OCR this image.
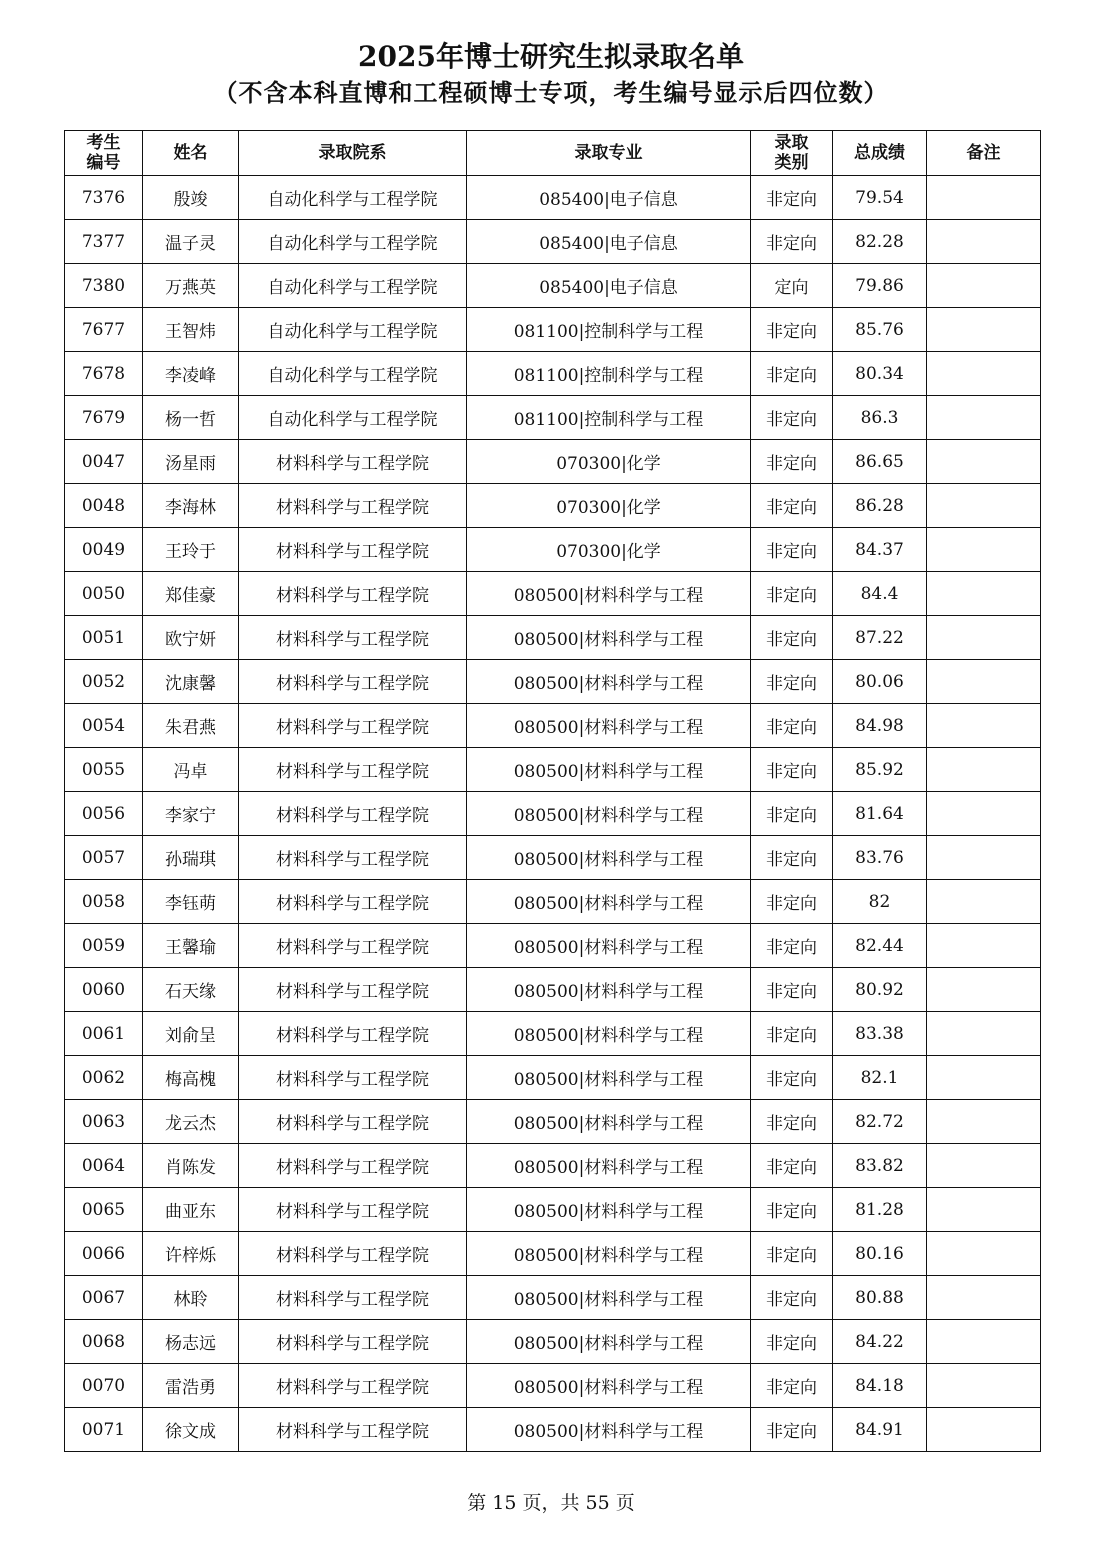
2025年博士研究生拟录取名单
（不含本科直博和工程硕博士专项，考生编号显示后四位数）
考生
编号	姓名	录取院系	录取专业	录取
类别	总成绩	备注
7376	殷竣	自动化科学与工程学院	085400|电子信息	非定向	79.54	
7377	温子灵	自动化科学与工程学院	085400|电子信息	非定向	82.28	
7380	万燕英	自动化科学与工程学院	085400|电子信息	定向	79.86	
7677	王智炜	自动化科学与工程学院	081100|控制科学与工程	非定向	85.76	
7678	李凌峰	自动化科学与工程学院	081100|控制科学与工程	非定向	80.34	
7679	杨一哲	自动化科学与工程学院	081100|控制科学与工程	非定向	86.3	
0047	汤星雨	材料科学与工程学院	070300|化学	非定向	86.65	
0048	李海林	材料科学与工程学院	070300|化学	非定向	86.28	
0049	王玲于	材料科学与工程学院	070300|化学	非定向	84.37	
0050	郑佳豪	材料科学与工程学院	080500|材料科学与工程	非定向	84.4	
0051	欧宁妍	材料科学与工程学院	080500|材料科学与工程	非定向	87.22	
0052	沈康馨	材料科学与工程学院	080500|材料科学与工程	非定向	80.06	
0054	朱君燕	材料科学与工程学院	080500|材料科学与工程	非定向	84.98	
0055	冯卓	材料科学与工程学院	080500|材料科学与工程	非定向	85.92	
0056	李家宁	材料科学与工程学院	080500|材料科学与工程	非定向	81.64	
0057	孙瑞琪	材料科学与工程学院	080500|材料科学与工程	非定向	83.76	
0058	李钰萌	材料科学与工程学院	080500|材料科学与工程	非定向	82	
0059	王馨瑜	材料科学与工程学院	080500|材料科学与工程	非定向	82.44	
0060	石天缘	材料科学与工程学院	080500|材料科学与工程	非定向	80.92	
0061	刘俞呈	材料科学与工程学院	080500|材料科学与工程	非定向	83.38	
0062	梅高槐	材料科学与工程学院	080500|材料科学与工程	非定向	82.1	
0063	龙云杰	材料科学与工程学院	080500|材料科学与工程	非定向	82.72	
0064	肖陈发	材料科学与工程学院	080500|材料科学与工程	非定向	83.82	
0065	曲亚东	材料科学与工程学院	080500|材料科学与工程	非定向	81.28	
0066	许梓烁	材料科学与工程学院	080500|材料科学与工程	非定向	80.16	
0067	林聆	材料科学与工程学院	080500|材料科学与工程	非定向	80.88	
0068	杨志远	材料科学与工程学院	080500|材料科学与工程	非定向	84.22	
0070	雷浩勇	材料科学与工程学院	080500|材料科学与工程	非定向	84.18	
0071	徐文成	材料科学与工程学院	080500|材料科学与工程	非定向	84.91	
第 15 页，共 55 页
